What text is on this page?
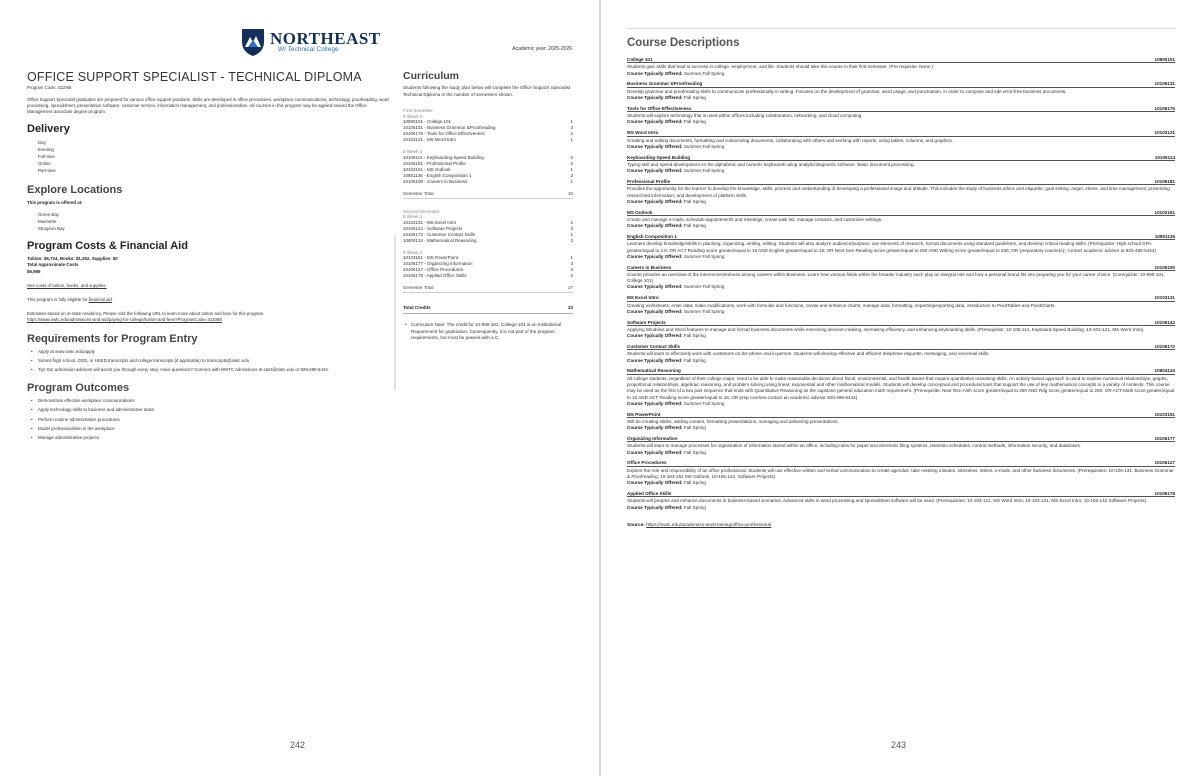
NORTHEAST
WI Technical College	Academic year: 2025-2026
OFFICE SUPPORT SPECIALIST - TECHNICAL DIPLOMA
Program Code: 311068

Office Support Specialist graduates are prepared for various office support positions. Skills are developed in office procedures, workplace communications, technology, proofreading, word processing, spreadsheet, presentation software, customer service, information management, and professionalism. All courses in this program may be applied toward the Office Management associate degree program.

Delivery
Day
Evening
Full-time
Online
Part-time
Explore Locations

This program is offered at:

Green Bay
Marinette
Sturgeon Bay
Program Costs & Financial Aid
Tuition: $5,724, Books: $1,262, Supplies: $0
Total Approximate Costs
$6,986

See costs of tuition, books, and supplies.

This program is fully eligible for financial aid.

Estimates based on in-state residency. Please visit the following URL to learn more about tuition and fees for this program.

https://www.nwtc.edu/admissions-and-aid/paying-for-college/tuition-and-fees?ProgramCode=311068

Requirements for Program Entry
• Apply at www.nwtc.edu/apply
• Submit high school, GED, or HSED transcripts and college transcripts (if applicable) to transcripts@nwtc.edu
• Tip! Our admission advisors will assist you through every step. Have questions? Connect with NWTC Admissions at start@nwtc.edu or 920-498-5444.
Program Outcomes
• Demonstrate effective workplace communications
• Apply technology skills to business and administrative tasks
• Perform routine administrative procedures
• Model professionalism in the workplace
• Manage administrative projects
Curriculum

Students following the study plan below will complete the Office Support Specialist Technical Diploma in the number of semesters shown.

First Semester
8 Week 1
10890101 - College 101	1
10106131 - Business Grammar &Proofreading	3
10106176 - Tools for Office Effectiveness	2
10103121 - MS Word Intro	1
8 Week 2
10106114 - Keyboarding-Speed Building	2
10106181 - Professional Profile	2
10103161 - MS Outlook	1
10801136 - English Composition 1	3
10105100 - Careers in Business	1
Semester Total	16
Second Semester
8 Week 1
10103131 - MS Excel Intro	1
10106142 - Software Projects	3
10106172 - Customer Contact Skills	1
10804134 - Mathematical Reasoning	3
8 Week 2
10103151 - MS PowerPoint	1
10106177 - Organizing Information	3
10106127 - Office Procedures	3
10106178 - Applied Office Skills	2
Semester Total	17
Total Credits	33

• Curriculum Note: The credit for 10-890-101, College 101 is an Institutional Requirement for graduation. Consequently, it is not part of the program requirements, but must be passed with a C.

242
Course Descriptions
College 101	10890101
Students gain skills that lead to success in college, employment, and life. Students should take this course in their first semester. (Pre-requisite: None.)
Course Typically Offered: Summer Fall Spring
Business Grammar &Proofreading	10106131
Develop grammar and proofreading skills to communicate professionally in writing. Focuses on the development of grammar, word usage, and punctuation, in order to compose and edit error-free business documents.
Course Typically Offered: Fall Spring
Tools for Office Effectiveness	10106176
Students will explore technology that is used within offices including collaboration, networking, and cloud computing.
Course Typically Offered: Fall Spring
MS Word Intro	10103121
Creating and editing documents, formatting and customizing documents, collaborating with others and working with reports, using tables, columns, and graphics.
Course Typically Offered: Summer Fall Spring
Keyboarding-Speed Building	10106114
Typing skill and speed development on the alphabetic and numeric keyboards using analytic/diagnostic software. Basic document processing.
Course Typically Offered: Summer Fall Spring
Professional Profile	10106181
Provides the opportunity for the learner to develop the knowledge, skills, process and understanding of developing a professional image and attitude. This includes the study of business ethics and etiquette; goal setting; anger, stress, and time management; presenting researched information; and development of platform skills.
Course Typically Offered: Fall Spring
MS Outlook	10103161
Create and manage e-mails, schedule appointments and meetings, create task list, manage contacts, and customize settings.
Course Typically Offered: Fall Spring
English Composition 1	10801136
Learners develop knowledge/skills in planning, organizing, writing, editing. Students will also analyze audience/purpose, use elements of research, format documents using standard guidelines, and develop critical reading skills. (Prerequisite: High school GPA greater/equal to 2.6; OR ACT Reading score greater/equal to 16 AND English greater/equal to 18; OR Next Gen Reading score greater/equal to 250 AND Writing score greater/equal to 260; OR 'preparatory course(s)', contact academic advisor at 920-498-5444)
Course Typically Offered: Summer Fall Spring
Careers in Business	10105100
Course provides an overview of the interconnectedness among careers within Business. Learn how various fields within the broader industry each play an integral role and how a personal brand fits into preparing you for your career choice. (Corequisite: 10-890-101, College 101)
Course Typically Offered: Summer Fall Spring
MS Excel Intro	10103131
Creating worksheets; enter data; make modifications, work with formulas and functions, create and enhance charts, manage data, formatting, importing/exporting data, introduction to PivotTables and PivotCharts.
Course Typically Offered: Summer Fall Spring
Software Projects	10106142
Applying Windows and Word features to manage and format business documents while exercising decision-making, increasing efficiency, and enhancing keyboarding skills. (Prerequisite: 10-106-114, Keyboard-Speed Building, 10-103-121, MS Word Intro)
Course Typically Offered: Fall Spring
Customer Contact Skills	10106172
Students will learn to effectively work with customers on the phone and in-person. Students will develop effective and efficient telephone etiquette, messaging, and voicemail skills.
Course Typically Offered: Fall Spring
Mathematical Reasoning	10804134
All college students, regardless of their college major, need to be able to make reasonable decisions about fiscal, environmental, and health issues that require quantitative reasoning skills. An activity-based approach is used to explore numerical relationships, graphs, proportional relationships, algebraic reasoning, and problem solving using linear, exponential and other mathematical models. Students will develop conceptual and procedural tools that support the use of key mathematical concepts in a variety of contexts. This course may be used as the first of a two part sequence that ends with Quantitative Reasoning as the capstone general education math requirement. (Prerequisite: Next Gen Arith score greater/equal to 250 AND Rdg score greater/equal to 250; OR ACT Math score greater/equal to 15 AND ACT Reading score greater/equal to 16; OR prep courses-contact an academic advisor 920-498-5444)
Course Typically Offered: Summer Fall Spring
MS PowerPoint	10103151
Will be creating slides, adding content, formatting presentations, managing and delivering presentations.
Course Typically Offered: Fall Spring
Organizing Information	10106177
Students will learn to manage processes for organization of information stored within an office, including rules for paper and electronic filing systems, retention schedules, control methods, information security, and databases.
Course Typically Offered: Fall Spring
Office Procedures	10106127
Explore the role and responsibility of an office professional. Students will use effective written and verbal communication to create agendas, take meeting minutes, itineraries, letters, e-mails, and other business documents. (Prerequisites: 10-106-131, Business Grammar & Proofreading; 10-103-161 MS Outlook, 10-106-142, Software Projects)
Course Typically Offered: Fall Spring
Applied Office Skills	10106178
Students will prepare and enhance documents in business-based scenarios. Advanced skills in word processing and spreadsheet software will be used. (Prerequisites: 10-103-121, MS Word Intro; 10-103-131, MS Excel Intro; 10-106-142 Software Projects)
Course Typically Offered: Fall Spring

Source: https://nwtc.edu/academics-and-training/office-professional

243
